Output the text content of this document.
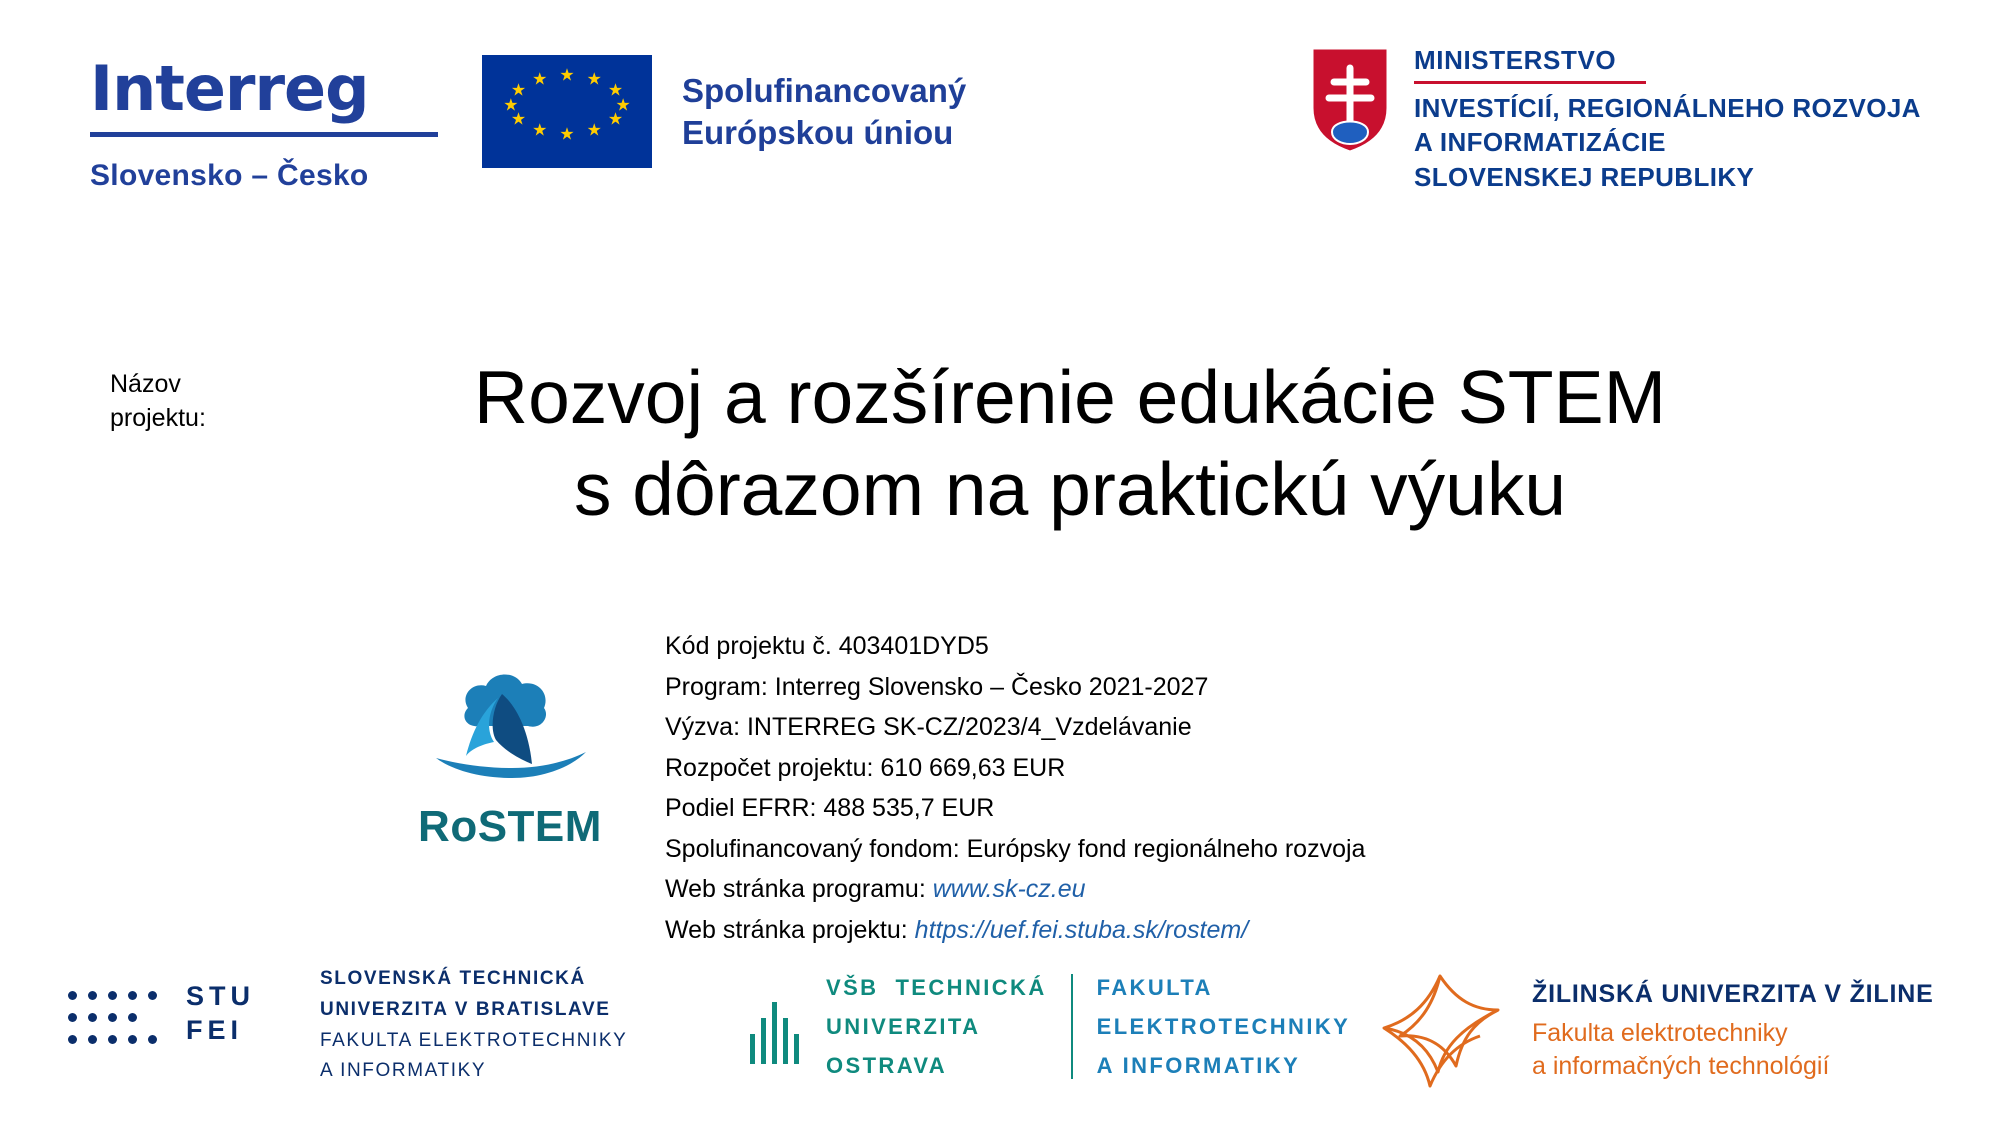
Interreg
Slovensko – Česko
★ ★
★
★
★
★
★
★
★
★
★
★	Spolufinancovaný
Európskou úniou
MINISTERSTVO
INVESTÍCIÍ, REGIONÁLNEHO ROZVOJA
A INFORMATIZÁCIE
SLOVENSKEJ REPUBLIKY
Názov
projektu:	Rozvoj a rozšírenie edukácie STEM
s dôrazom na praktickú výuku
RoSTEM
Kód projektu č. 403401DYD5
Program: Interreg Slovensko – Česko 2021-2027
Výzva: INTERREG SK-CZ/2023/4_Vzdelávanie
Rozpočet projektu: 610 669,63 EUR
Podiel EFRR: 488 535,7 EUR
Spolufinancovaný fondom: Európsky fond regionálneho rozvoja
Web stránka programu: www.sk-cz.eu
Web stránka projektu: https://uef.fei.stuba.sk/rostem/
STU
FEI
SLOVENSKÁ TECHNICKÁ
UNIVERZITA V BRATISLAVE
FAKULTA ELEKTROTECHNIKY
A INFORMATIKY
VŠB TECHNICKÁ
UNIVERZITA
OSTRAVA
FAKULTA
ELEKTROTECHNIKY
A INFORMATIKY
ŽILINSKÁ UNIVERZITA V ŽILINE
Fakulta elektrotechniky
a informačných technológií
